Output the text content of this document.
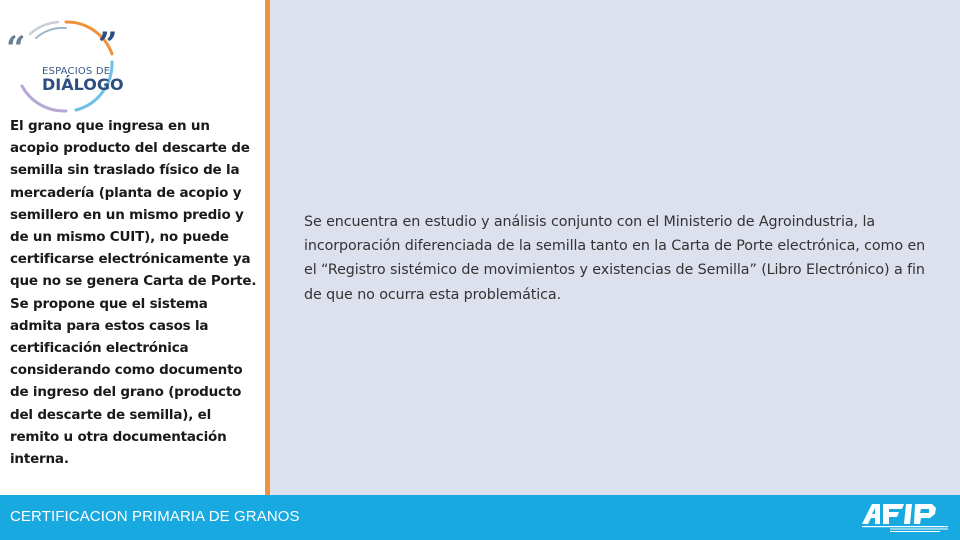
“ ”
ESPACIOS DE
DIÁLOGO

El grano que ingresa en un acopio producto del descarte de semilla sin traslado físico de la mercadería (planta de acopio y semillero en un mismo predio y de un mismo CUIT), no puede certificarse electrónicamente ya que no se genera Carta de Porte. Se propone que el sistema admita para estos casos la certificación electrónica considerando como documento de ingreso del grano (producto del descarte de semilla), el remito u otra documentación interna.

Se encuentra en estudio y análisis conjunto con el Ministerio de Agroindustria, la incorporación diferenciada de la semilla tanto en la Carta de Porte electrónica, como en el “Registro sistémico de movimientos y existencias de Semilla” (Libro Electrónico) a fin de que no ocurra esta problemática.

CERTIFICACION PRIMARIA DE GRANOS
